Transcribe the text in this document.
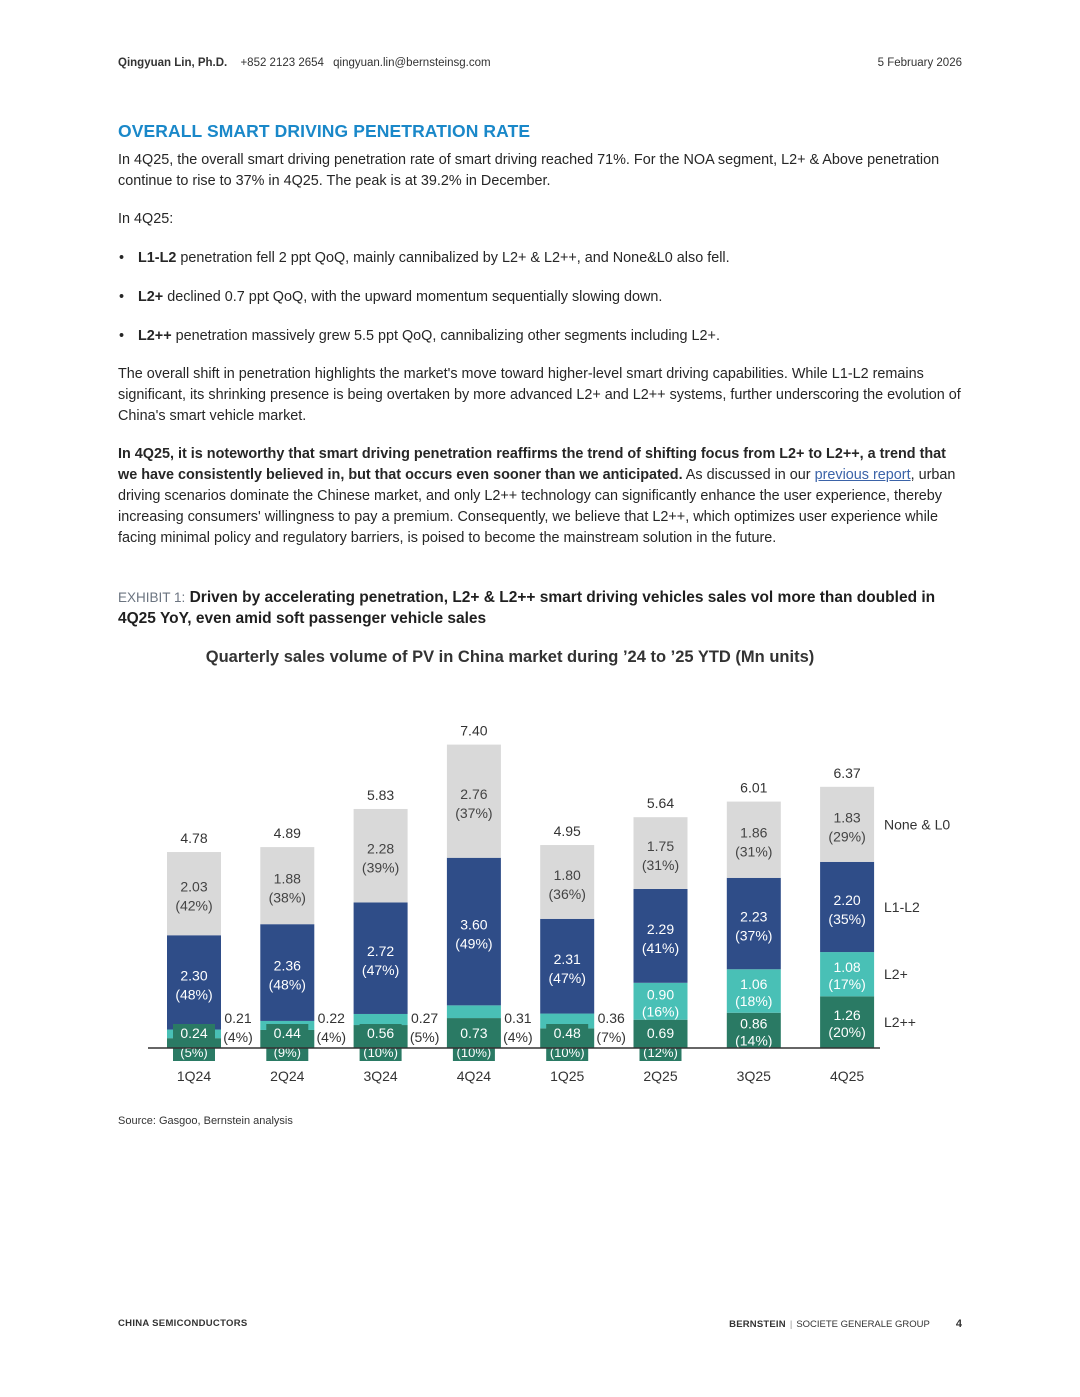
Qingyuan Lin, Ph.D. +852 2123 2654 qingyuan.lin@bernsteinsg.com	5 February 2026
OVERALL SMART DRIVING PENETRATION RATE

In 4Q25, the overall smart driving penetration rate of smart driving reached 71%. For the NOA segment, L2+ & Above penetration continue to rise to 37% in 4Q25. The peak is at 39.2% in December.

In 4Q25:

• L1-L2 penetration fell 2 ppt QoQ, mainly cannibalized by L2+ & L2++, and None&L0 also fell.
• L2+ declined 0.7 ppt QoQ, with the upward momentum sequentially slowing down.
• L2++ penetration massively grew 5.5 ppt QoQ, cannibalizing other segments including L2+.

The overall shift in penetration highlights the market's move toward higher-level smart driving capabilities. While L1-L2 remains significant, its shrinking presence is being overtaken by more advanced L2+ and L2++ systems, further underscoring the evolution of China's smart vehicle market.

In 4Q25, it is noteworthy that smart driving penetration reaffirms the trend of shifting focus from L2+ to L2++, a trend that we have consistently believed in, but that occurs even sooner than we anticipated. As discussed in our previous report, urban driving scenarios dominate the Chinese market, and only L2++ technology can significantly enhance the user experience, thereby increasing consumers' willingness to pay a premium. Consequently, we believe that L2++, which optimizes user experience while facing minimal policy and regulatory barriers, is poised to become the mainstream solution in the future.

EXHIBIT 1: Driven by accelerating penetration, L2+ & L2++ smart driving vehicles sales vol more than doubled in 4Q25 YoY, even amid soft passenger vehicle sales

Quarterly sales volume of PV in China market during ’24 to ’25 YTD (Mn units)
0.24
(5%)
0.21
(4%)
2.30
(48%)
2.03
(42%)
4.78
1Q24
0.44
(9%)
0.22
(4%)
2.36
(48%)
1.88
(38%)
4.89
2Q24
0.56
(10%)
0.27
(5%)
2.72
(47%)
2.28
(39%)
5.83
3Q24
0.73
(10%)
0.31
(4%)
3.60
(49%)
2.76
(37%)
7.40
4Q24
0.48
(10%)
0.36
(7%)
2.31
(47%)
1.80
(36%)
4.95
1Q25
0.69
(12%)
0.90
(16%)
2.29
(41%)
1.75
(31%)
5.64
2Q25
0.86
(14%)
1.06
(18%)
2.23
(37%)
1.86
(31%)
6.01
3Q25
1.26
(20%)
1.08
(17%)
2.20
(35%)
1.83
(29%)
6.37
4Q25
L2++
L2+
L1-L2
None & L0
Source: Gasgoo, Bernstein analysis
CHINA SEMICONDUCTORS	BERNSTEIN | SOCIETE GENERALE GROUP 4
